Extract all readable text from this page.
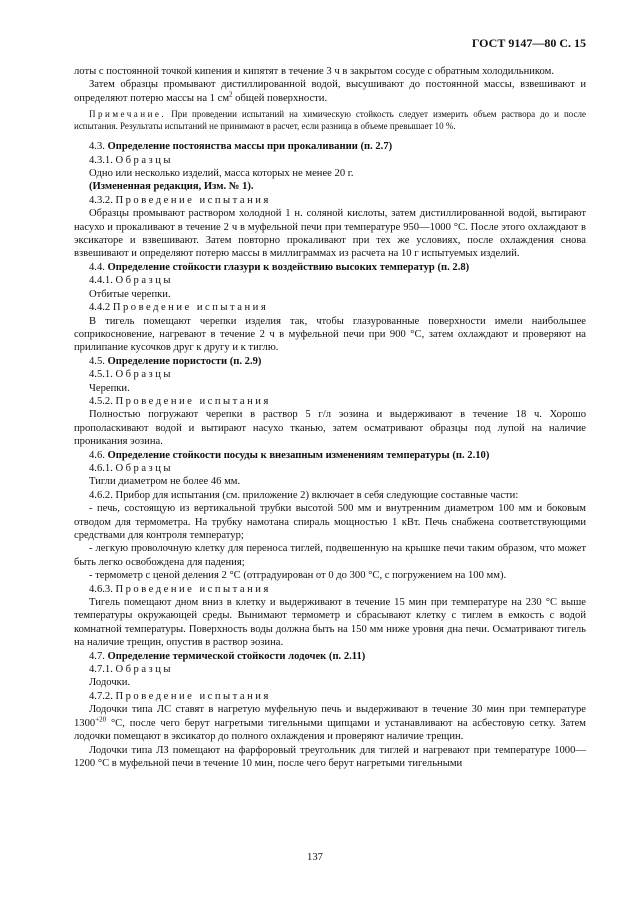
ГОСТ 9147—80 С. 15

лоты с постоянной точкой кипения и кипятят в течение 3 ч в закрытом сосуде с обратным холодильником.

Затем образцы промывают дистиллированной водой, высушивают до постоянной массы, взвешивают и определяют потерю массы на 1 $см^2$ общей поверхности.

Примечание. При проведении испытаний на химическую стойкость следует измерить объем раствора до и после испытания. Результаты испытаний не принимают в расчет, если разница в объеме превышает 10 %.

4.3. Определение постоянства массы при прокаливании (п. 2.7)

4.3.1. Образцы

Одно или несколько изделий, масса которых не менее 20 г.

(Измененная редакция, Изм. № 1).

4.3.2. Проведение испытания

Образцы промывают раствором холодной 1 н. соляной кислоты, затем дистиллированной водой, вытирают насухо и прокаливают в течение 2 ч в муфельной печи при температуре 950—1000 °С. После этого охлаждают в эксикаторе и взвешивают. Затем повторно прокаливают при тех же условиях, после охлаждения снова взвешивают и определяют потерю массы в миллиграммах из расчета на 10 г испытуемых изделий.

4.4. Определение стойкости глазури к воздействию высоких температур (п. 2.8)

4.4.1. Образцы

Отбитые черепки.

4.4.2 Проведение испытания

В тигель помещают черепки изделия так, чтобы глазурованные поверхности имели наибольшее соприкосновение, нагревают в течение 2 ч в муфельной печи при 900 °С, затем охлаждают и проверяют на прилипание кусочков друг к другу и к тиглю.

4.5. Определение пористости (п. 2.9)

4.5.1. Образцы

Черепки.

4.5.2. Проведение испытания

Полностью погружают черепки в раствор 5 г/л эозина и выдерживают в течение 18 ч. Хорошо прополаскивают водой и вытирают насухо тканью, затем осматривают образцы под лупой на наличие проникания эозина.

4.6. Определение стойкости посуды к внезапным изменениям температуры (п. 2.10)

4.6.1. Образцы

Тигли диаметром не более 46 мм.

4.6.2. Прибор для испытания (см. приложение 2) включает в себя следующие составные части:

- печь, состоящую из вертикальной трубки высотой 500 мм и внутренним диаметром 100 мм и боковым отводом для термометра. На трубку намотана спираль мощностью 1 кВт. Печь снабжена соответствующими средствами для контроля температур;

- легкую проволочную клетку для переноса тиглей, подвешенную на крышке печи таким образом, что может быть легко освобождена для падения;

- термометр с ценой деления 2 °С (отградуирован от 0 до 300 °С, с погружением на 100 мм).

4.6.3. Проведение испытания

Тигель помещают дном вниз в клетку и выдерживают в течение 15 мин при температуре на 230 °С выше температуры окружающей среды. Вынимают термометр и сбрасывают клетку с тиглем в емкость с водой комнатной температуры. Поверхность воды должна быть на 150 мм ниже уровня дна печи. Осматривают тигель на наличие трещин, опустив в раствор эозина.

4.7. Определение термической стойкости лодочек (п. 2.11)

4.7.1. Образцы

Лодочки.

4.7.2. Проведение испытания

Лодочки типа ЛС ставят в нагретую муфельную печь и выдерживают в течение 30 мин при температуре $1300^{+20}$ °С, после чего берут нагретыми тигельными щипцами и устанавливают на асбестовую сетку. Затем лодочки помещают в эксикатор до полного охлаждения и проверяют наличие трещин.

Лодочки типа ЛЗ помещают на фарфоровый треугольник для тиглей и нагревают при температуре 1000—1200 °С в муфельной печи в течение 10 мин, после чего берут нагретыми тигельными

137
